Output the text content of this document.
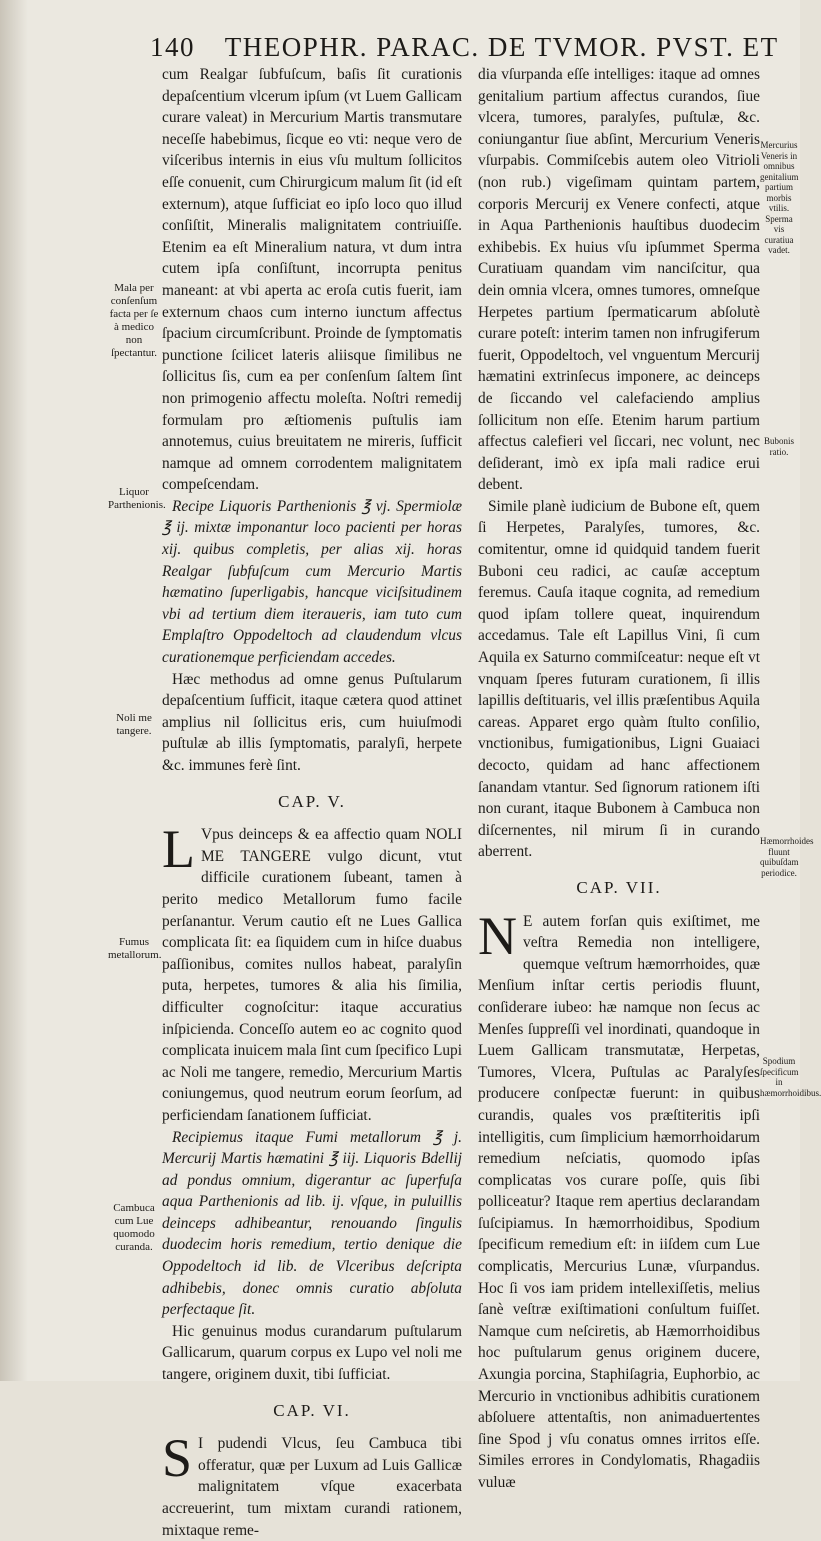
140 THEOPHR. PARAC. DE TVMOR. PVST. ET

cum Realgar ſubfuſcum, baſis ſit curationis depaſcentium vlcerum ipſum (vt Luem Gallicam curare valeat) in Mercurium Martis transmutare neceſſe habebimus, ſicque eo vti: neque vero de viſceribus internis in eius vſu multum ſollicitos eſſe conuenit, cum Chirurgicum malum ſit (id eſt externum), atque ſufficiat eo ipſo loco quo illud conſiſtit, Mineralis malignitatem contriuiſſe. Etenim ea eſt Mineralium natura, vt dum intra cutem ipſa conſiſtunt, incorrupta penitus maneant: at vbi aperta ac eroſa cutis fuerit, iam externum chaos cum interno iunctum affectus ſpacium circumſcribunt. Proinde de ſymptomatis punctione ſcilicet lateris aliisque ſimilibus ne ſollicitus ſis, cum ea per conſenſum ſaltem ſint non primogenio affectu moleſta. Noſtri remedij formulam pro æſtiomenis puſtulis iam annotemus, cuius breuitatem ne mireris, ſufficit namque ad omnem corrodentem malignitatem compeſcendam.

Recipe Liquoris Parthenionis ℥ vj. Spermiolæ ℥ ij. mixtæ imponantur loco pacienti per horas xij. quibus completis, per alias xij. horas Realgar ſubfuſcum cum Mercurio Martis hæmatino ſuperligabis, hancque viciſsitudinem vbi ad tertium diem iteraueris, iam tuto cum Emplaſtro Oppodeltoch ad claudendum vlcus curationemque perficiendam accedes.

Hæc methodus ad omne genus Puſtularum depaſcentium ſufficit, itaque cætera quod attinet amplius nil ſollicitus eris, cum huiuſmodi puſtulæ ab illis ſymptomatis, paralyſi, herpete &c. immunes ferè ſint.

CAP. V.

L Vpus deinceps & ea affectio quam NOLI ME TANGERE vulgo dicunt, vtut difficile curationem ſubeant, tamen à perito medico Metallorum fumo facile perſanantur. Verum cautio eſt ne Lues Gallica complicata ſit: ea ſiquidem cum in hiſce duabus paſſionibus, comites nullos habeat, paralyſin puta, herpetes, tumores & alia his ſimilia, difficulter cognoſcitur: itaque accuratius inſpicienda. Conceſſo autem eo ac cognito quod complicata inuicem mala ſint cum ſpecifico Lupi ac Noli me tangere, remedio, Mercurium Martis coniungemus, quod neutrum eorum ſeorſum, ad perficiendam ſanationem ſufficiat.

Recipiemus itaque Fumi metallorum ℥ j. Mercurij Martis hæmatini ℥ iij. Liquoris Bdellij ad pondus omnium, digerantur ac ſuperfuſa aqua Parthenionis ad lib. ij. vſque, in puluillis deinceps adhibeantur, renouando ſingulis duodecim horis remedium, tertio denique die Oppodeltoch id lib. de Vlceribus deſcripta adhibebis, donec omnis curatio abſoluta perfectaque ſit.

Hic genuinus modus curandarum puſtularum Gallicarum, quarum corpus ex Lupo vel noli me tangere, originem duxit, tibi ſufficiat.

CAP. VI.

S I pudendi Vlcus, ſeu Cambuca tibi offeratur, quæ per Luxum ad Luis Gallicæ malignitatem vſque exacerbata accreuerint, tum mixtam curandi rationem, mixtaque reme-

dia vſurpanda eſſe intelliges: itaque ad omnes genitalium partium affectus curandos, ſiue vlcera, tumores, paralyſes, puſtulæ, &c. coniungantur ſiue abſint, Mercurium Veneris vſurpabis. Commiſcebis autem oleo Vitrioli (non rub.) vigeſimam quintam partem, corporis Mercurij ex Venere confecti, atque in Aqua Parthenionis hauſtibus duodecim exhibebis. Ex huius vſu ipſummet Sperma Curatiuam quandam vim nanciſcitur, qua dein omnia vlcera, omnes tumores, omneſque Herpetes partium ſpermaticarum abſolutè curare poteſt: interim tamen non infrugiferum fuerit, Oppodeltoch, vel vnguentum Mercurij hæmatini extrinſecus imponere, ac deinceps de ſiccando vel calefaciendo amplius ſollicitum non eſſe. Etenim harum partium affectus calefieri vel ſiccari, nec volunt, nec deſiderant, imò ex ipſa mali radice erui debent.

Simile planè iudicium de Bubone eſt, quem ſi Herpetes, Paralyſes, tumores, &c. comitentur, omne id quidquid tandem fuerit Buboni ceu radici, ac cauſæ acceptum feremus. Cauſa itaque cognita, ad remedium quod ipſam tollere queat, inquirendum accedamus. Tale eſt Lapillus Vini, ſi cum Aquila ex Saturno commiſceatur: neque eſt vt vnquam ſperes futuram curationem, ſi illis lapillis deſtituaris, vel illis præſentibus Aquila careas. Apparet ergo quàm ſtulto conſilio, vnctionibus, fumigationibus, Ligni Guaiaci decocto, quidam ad hanc affectionem ſanandam vtantur. Sed ſignorum rationem iſti non curant, itaque Bubonem à Cambuca non diſcernentes, nil mirum ſi in curando aberrent.

CAP. VII.

N E autem forſan quis exiſtimet, me veſtra Remedia non intelligere, quemque veſtrum hæmorrhoides, quæ Menſium inſtar certis periodis fluunt, conſiderare iubeo: hæ namque non ſecus ac Menſes ſuppreſſi vel inordinati, quandoque in Luem Gallicam transmutatæ, Herpetas, Tumores, Vlcera, Puſtulas ac Paralyſes producere conſpectæ fuerunt: in quibus curandis, quales vos præſtiteritis ipſi intelligitis, cum ſimplicium hæmorrhoidarum remedium neſciatis, quomodo ipſas complicatas vos curare poſſe, quis ſibi polliceatur? Itaque rem apertius declarandam ſuſcipiamus. In hæmorrhoidibus, Spodium ſpecificum remedium eſt: in iiſdem cum Lue complicatis, Mercurius Lunæ, vſurpandus. Hoc ſi vos iam pridem intellexiſſetis, melius ſanè veſtræ exiſtimationi conſultum fuiſſet. Namque cum neſciretis, ab Hæmorrhoidibus hoc puſtularum genus originem ducere, Axungia porcina, Staphiſagria, Euphorbio, ac Mercurio in vnctionibus adhibitis curationem abſoluere attentaſtis, non animaduertentes ſine Spod j vſu conatus omnes irritos eſſe. Similes errores in Condylomatis, Rhagadiis vuluæ

Mala per conſenſum facta per ſe à medico non ſpectantur.
Liquor Parthenionis.
Noli me tangere.
Fumus metallorum.
Cambuca cum Lue quomodo curanda.
Mercurius Veneris in omnibus genitalium partium morbis vtilis. Sperma vis curatiua vadet.
Bubonis ratio.
Hæmorrhoides fluunt quibuſdam periodice.
Spodium ſpecificum in hæmorrhoidibus.
